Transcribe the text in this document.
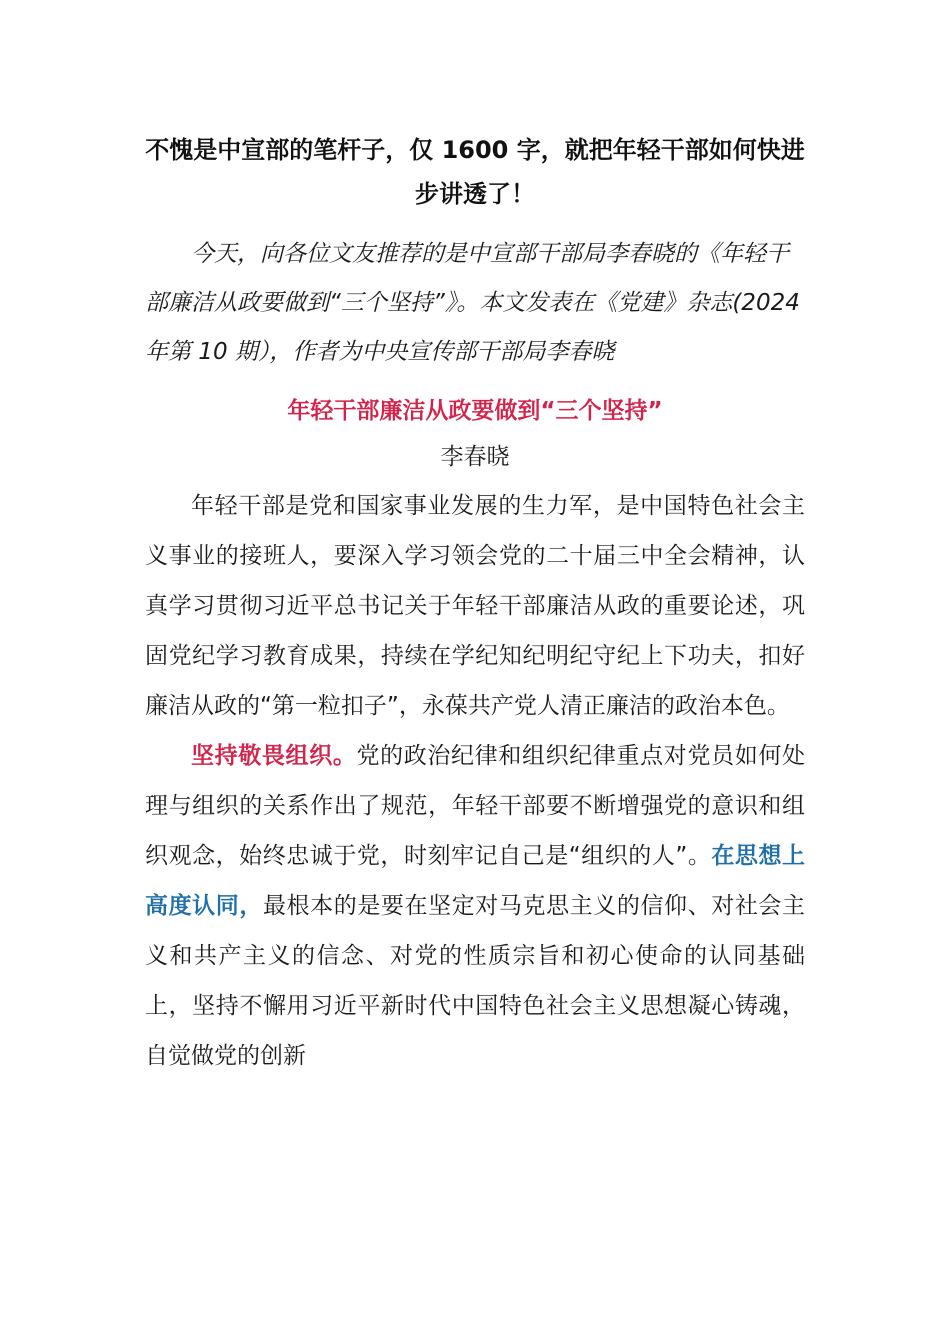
不愧是中宣部的笔杆子，仅 1600 字，就把年轻干部如何快进步讲透了！

今天，向各位文友推荐的是中宣部干部局李春晓的《年轻干部廉洁从政要做到“三个坚持”》。本文发表在《党建》杂志(2024 年第 10 期），作者为中央宣传部干部局李春晓

年轻干部廉洁从政要做到“三个坚持”

李春晓

年轻干部是党和国家事业发展的生力军，是中国特色社会主义事业的接班人，要深入学习领会党的二十届三中全会精神，认真学习贯彻习近平总书记关于年轻干部廉洁从政的重要论述，巩固党纪学习教育成果，持续在学纪知纪明纪守纪上下功夫，扣好廉洁从政的“第一粒扣子”，永葆共产党人清正廉洁的政治本色。

坚持敬畏组织。党的政治纪律和组织纪律重点对党员如何处理与组织的关系作出了规范，年轻干部要不断增强党的意识和组织观念，始终忠诚于党，时刻牢记自己是“组织的人”。在思想上高度认同，最根本的是要在坚定对马克思主义的信仰、对社会主义和共产主义的信念、对党的性质宗旨和初心使命的认同基础上，坚持不懈用习近平新时代中国特色社会主义思想凝心铸魂，自觉做党的创新
